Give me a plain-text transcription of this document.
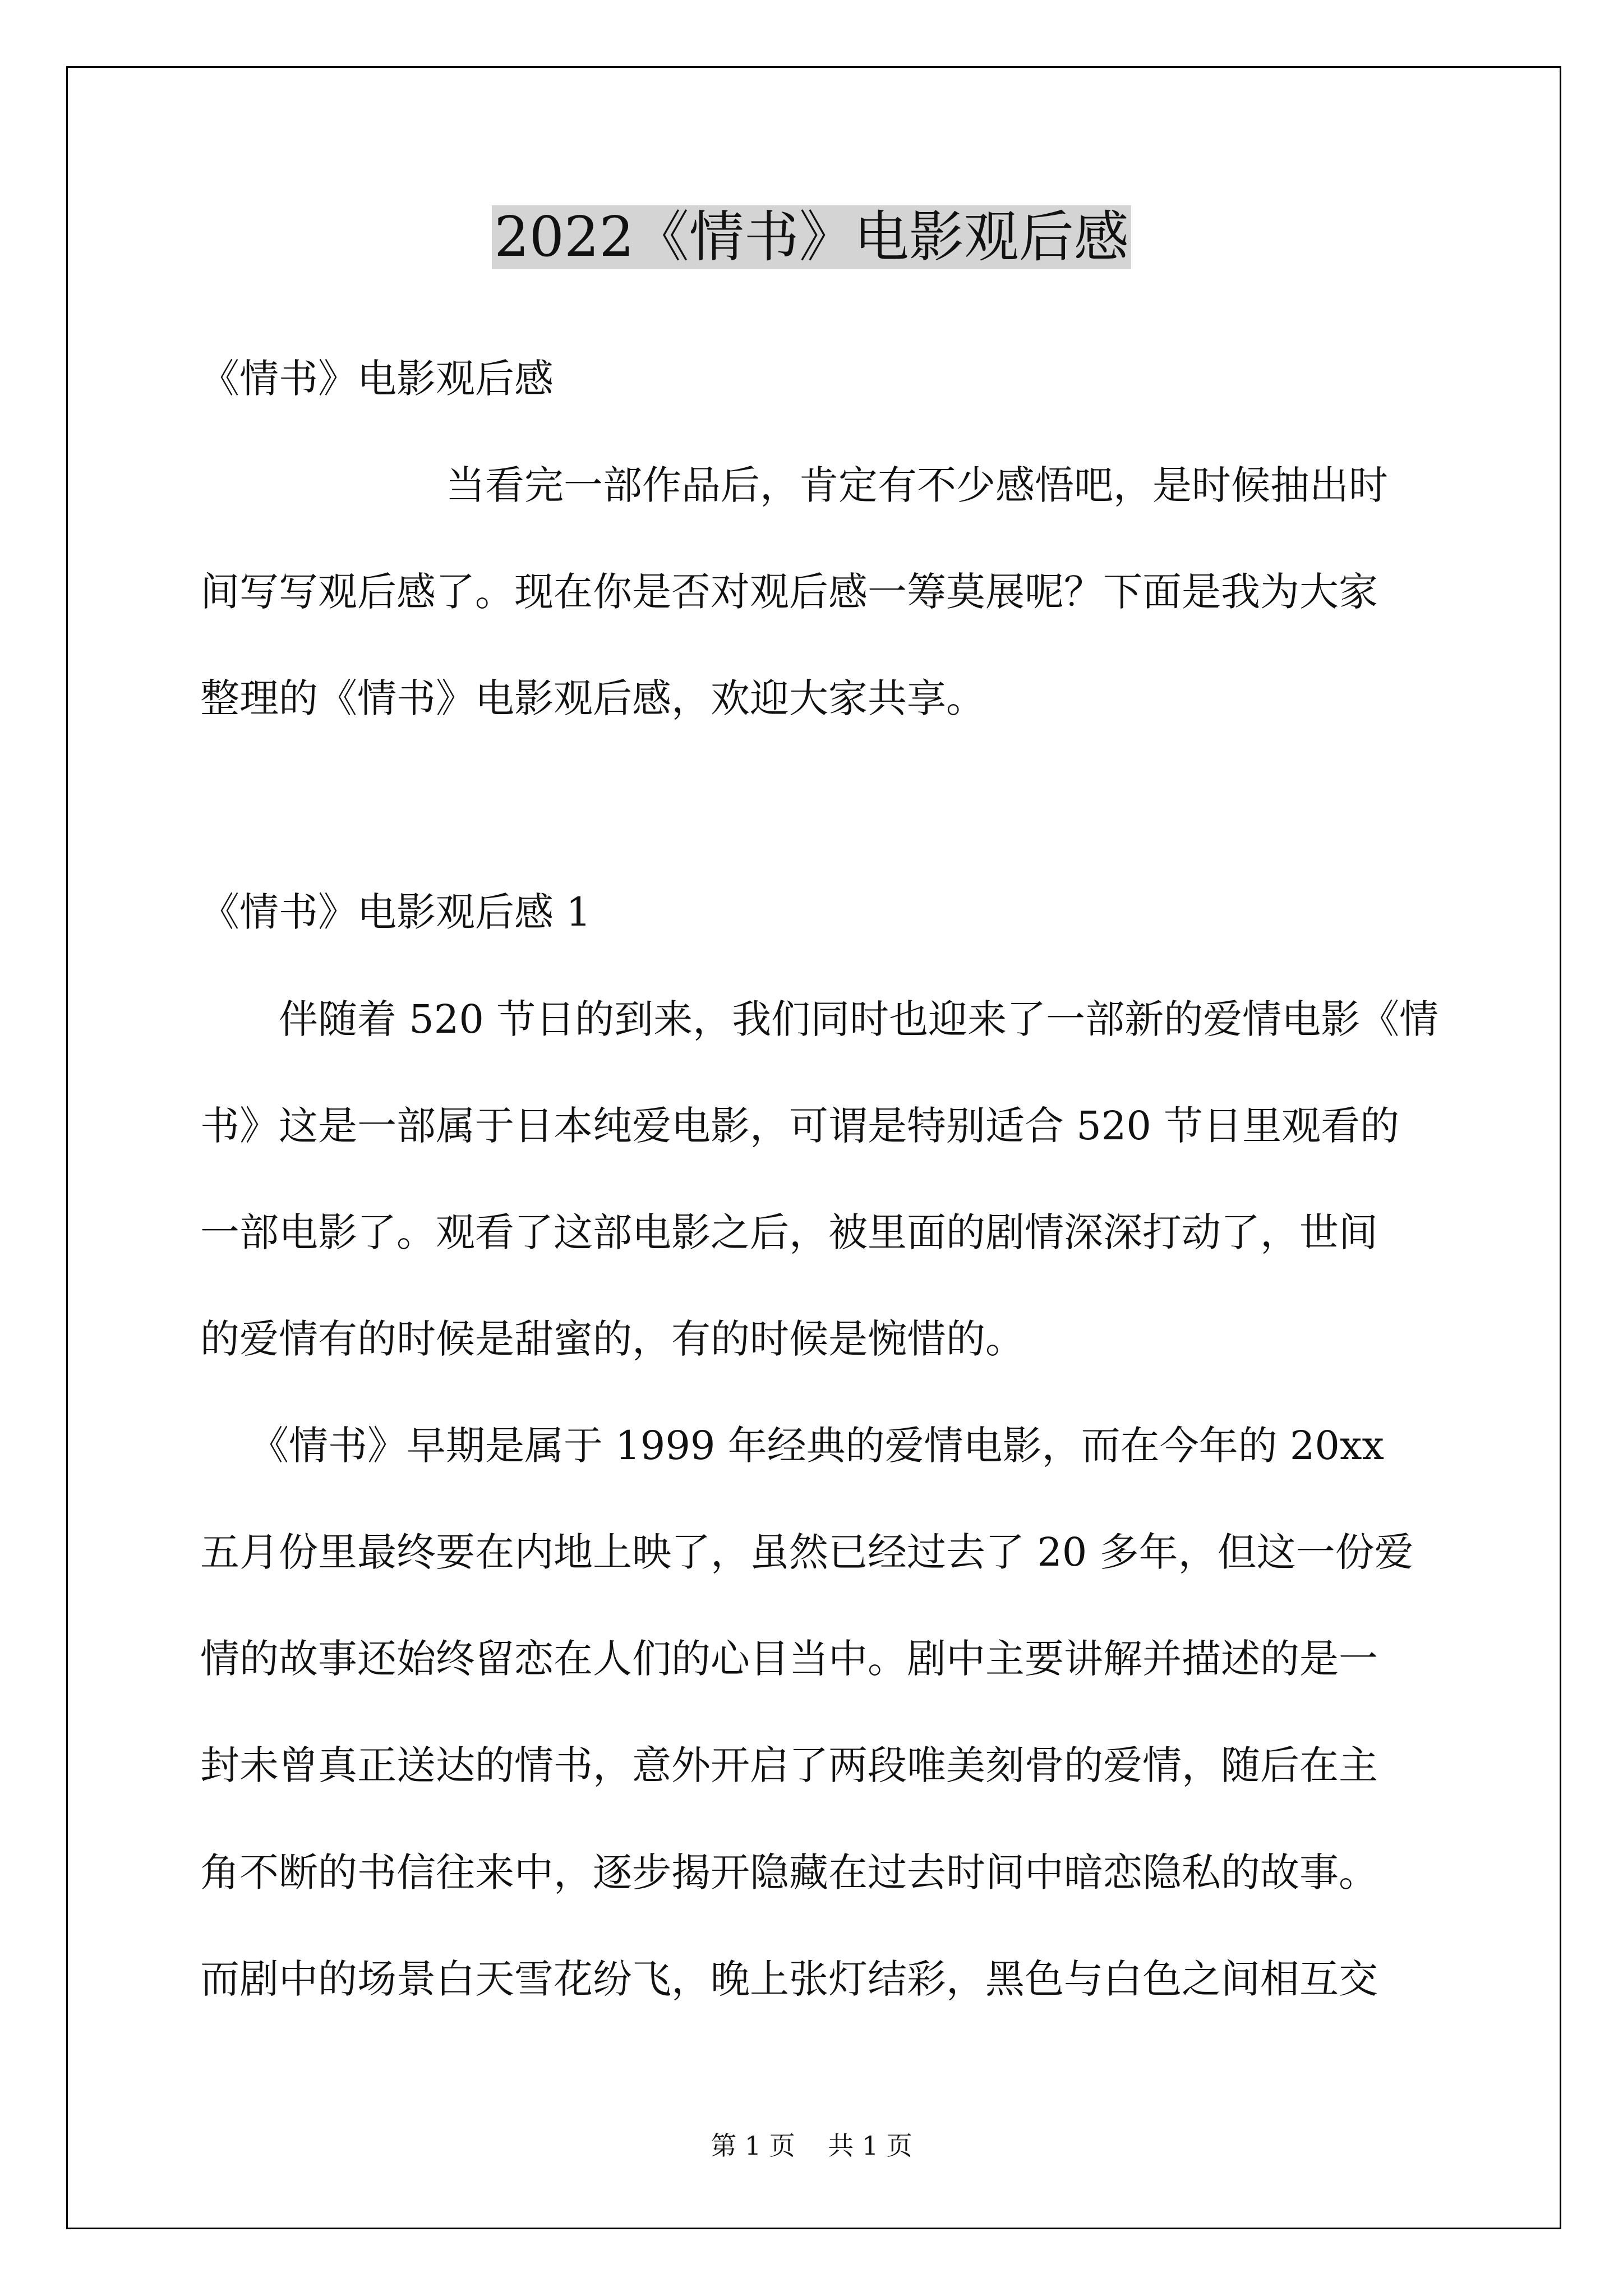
2022《情书》电影观后感
《情书》电影观后感
当看完一部作品后，肯定有不少感悟吧，是时候抽出时
间写写观后感了。现在你是否对观后感一筹莫展呢？下面是我为大家
整理的《情书》电影观后感，欢迎大家共享。
《情书》电影观后感 1
伴随着 520 节日的到来，我们同时也迎来了一部新的爱情电影《情
书》这是一部属于日本纯爱电影，可谓是特别适合 520 节日里观看的
一部电影了。观看了这部电影之后，被里面的剧情深深打动了，世间
的爱情有的时候是甜蜜的，有的时候是惋惜的。
《情书》早期是属于 1999 年经典的爱情电影，而在今年的 20xx
五月份里最终要在内地上映了，虽然已经过去了 20 多年，但这一份爱
情的故事还始终留恋在人们的心目当中。剧中主要讲解并描述的是一
封未曾真正送达的情书，意外开启了两段唯美刻骨的爱情，随后在主
角不断的书信往来中，逐步揭开隐藏在过去时间中暗恋隐私的故事。
而剧中的场景白天雪花纷飞，晚上张灯结彩，黑色与白色之间相互交
第 1 页    共 1 页
